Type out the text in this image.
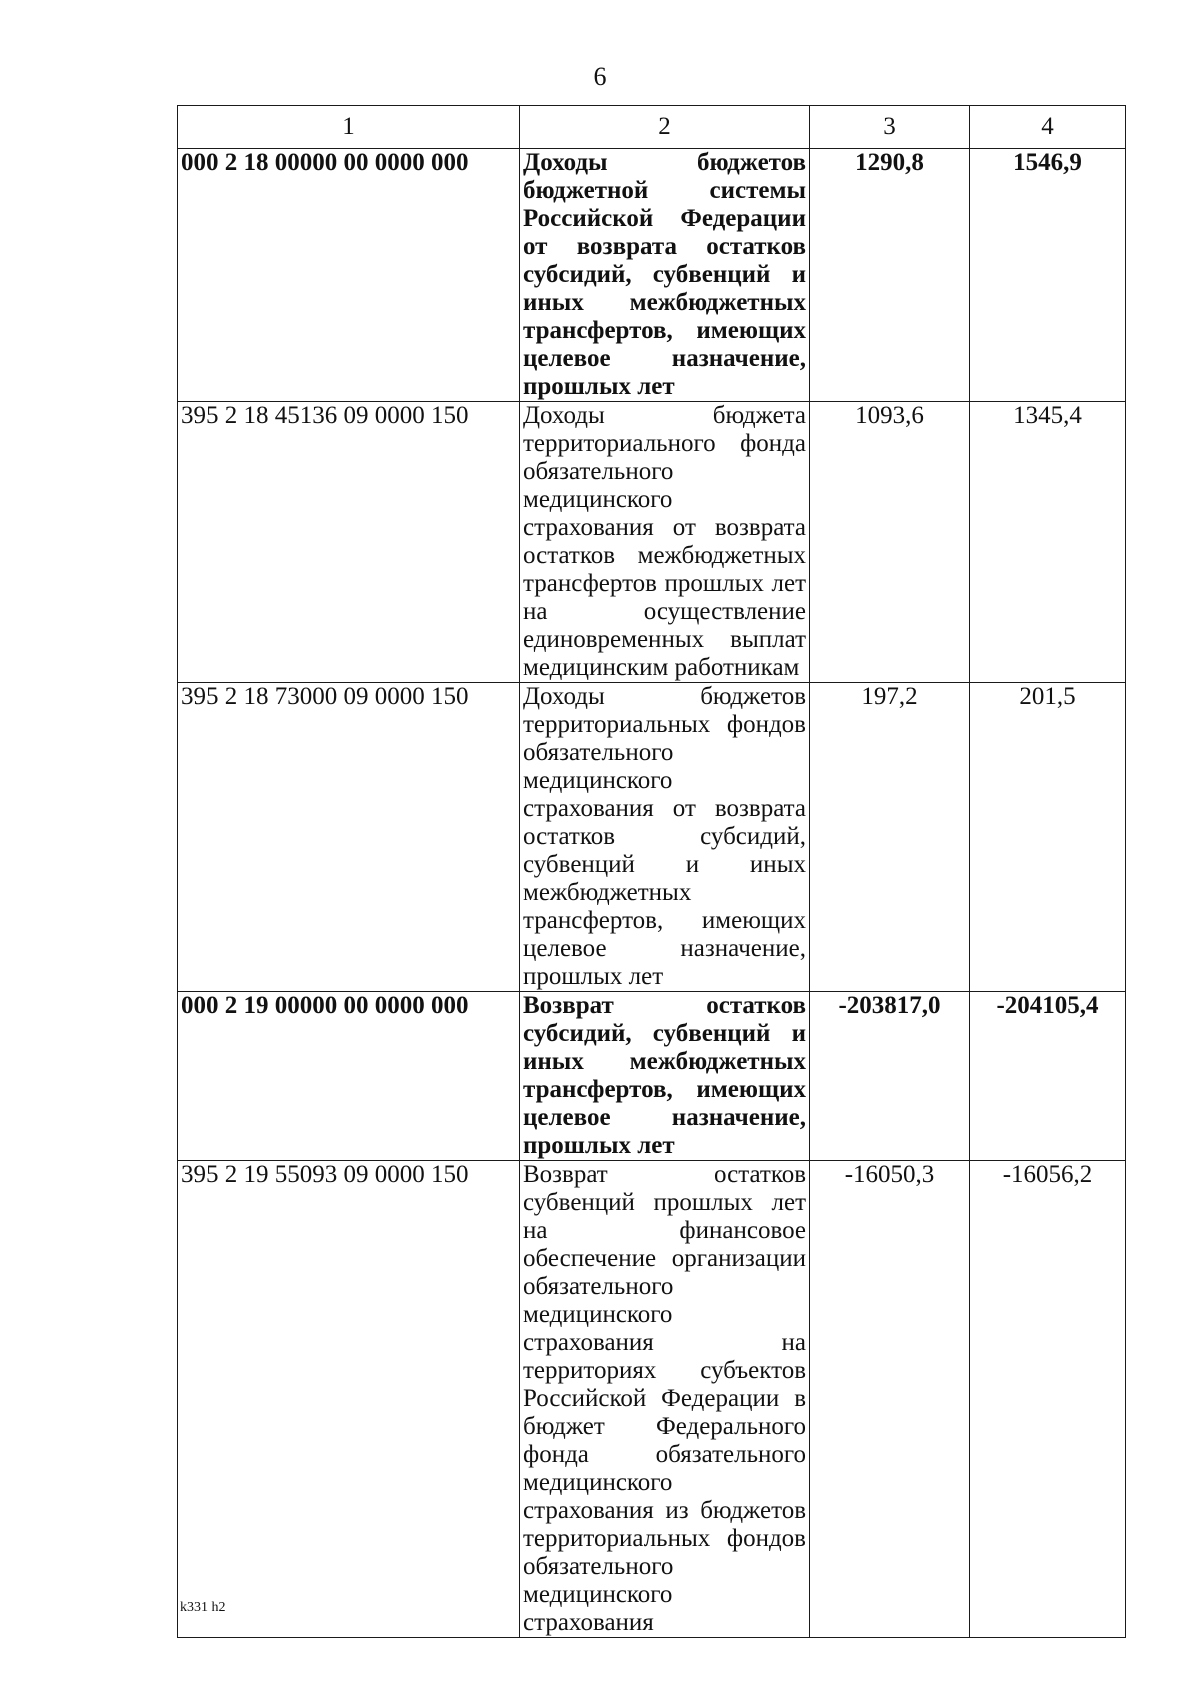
6
1	2	3	4
000 2 18 00000 00 0000 000	Доходы бюджетов бюджетной системы Российской Федерации от возврата остатков субсидий, субвенций и иных межбюджетных трансфертов, имеющих целевое назначение, прошлых лет	1290,8	1546,9
395 2 18 45136 09 0000 150	Доходы бюджета территориального фонда обязательного медицинского страхования от возврата остатков межбюджетных трансфертов прошлых лет на осуществление единовременных выплат медицинским работникам	1093,6	1345,4
395 2 18 73000 09 0000 150	Доходы бюджетов территориальных фондов обязательного медицинского страхования от возврата остатков субсидий, субвенций и иных межбюджетных трансфертов, имеющих целевое назначение, прошлых лет	197,2	201,5
000 2 19 00000 00 0000 000	Возврат остатков субсидий, субвенций и иных межбюджетных трансфертов, имеющих целевое назначение, прошлых лет	-203817,0	-204105,4
395 2 19 55093 09 0000 150	Возврат остатков субвенций прошлых лет на финансовое обеспечение организации обязательного медицинского страхования на территориях субъектов Российской Федерации в бюджет Федерального фонда обязательного медицинского страхования из бюджетов территориальных фондов обязательного медицинского страхования	-16050,3	-16056,2
k331 h2
